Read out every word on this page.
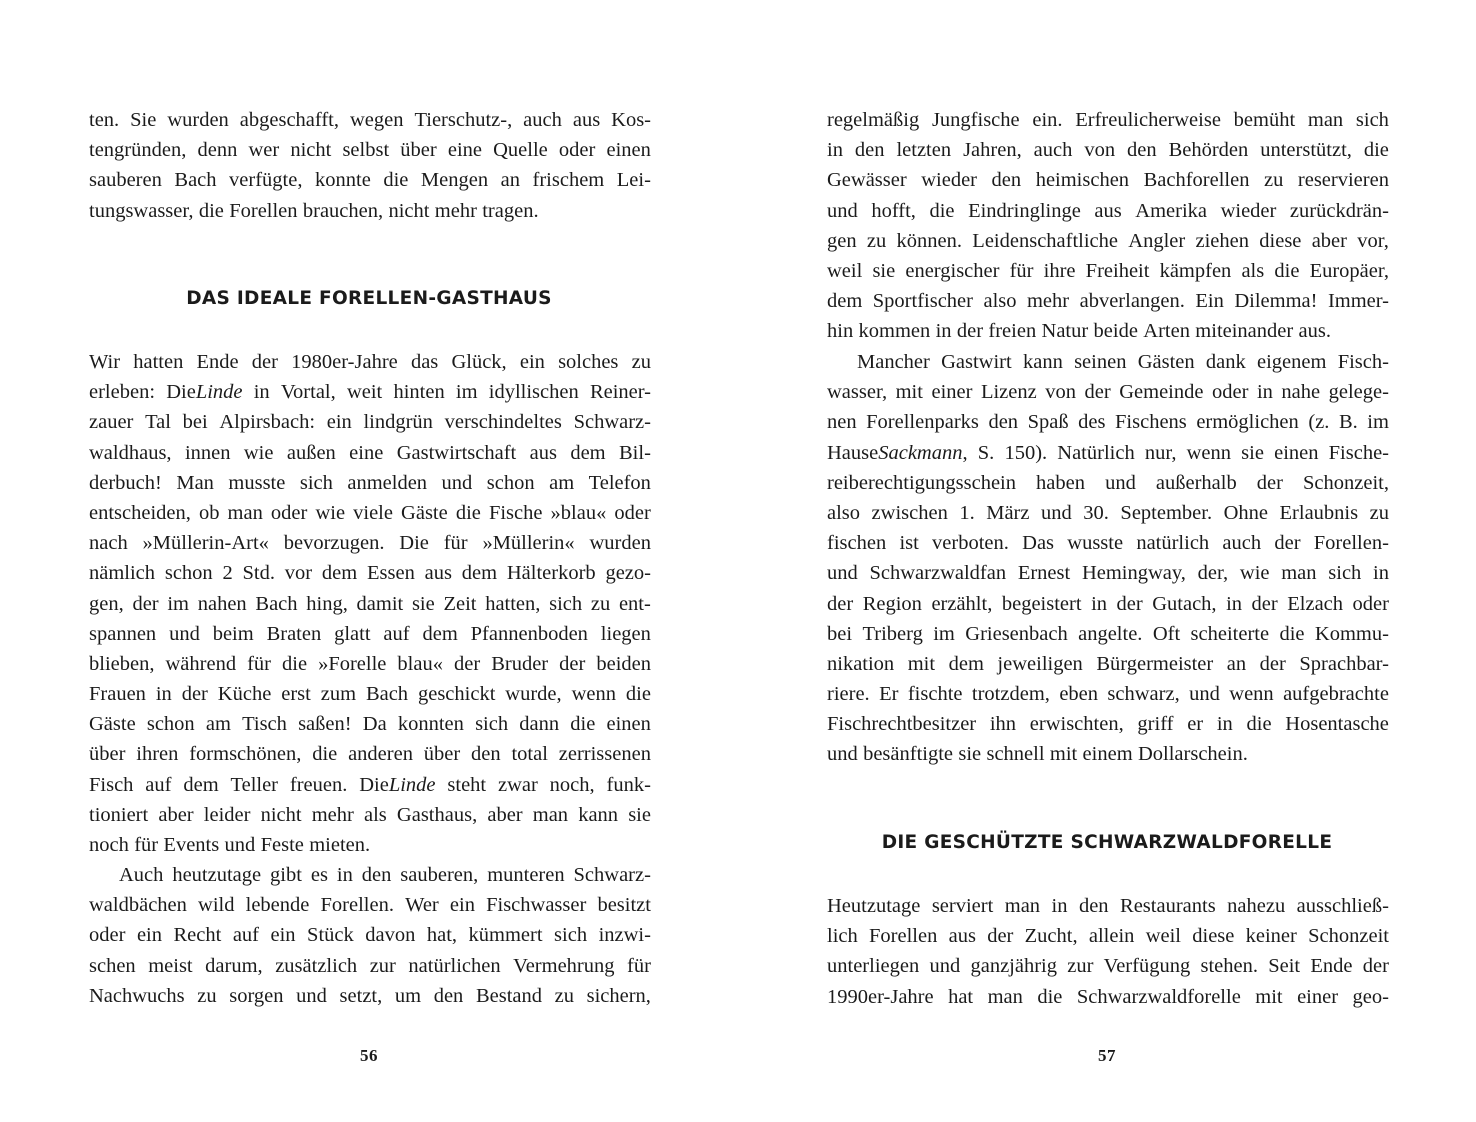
ten. Sie wurden abgeschafft, wegen Tierschutz-, auch aus Kos-
tengründen, denn wer nicht selbst über eine Quelle oder einen
sauberen Bach verfügte, konnte die Mengen an frischem Lei-
tungswasser, die Forellen brauchen, nicht mehr tragen.
DAS IDEALE FORELLEN-GASTHAUS
Wir hatten Ende der 1980er-Jahre das Glück, ein solches zu
erleben: DieLinde in Vortal, weit hinten im idyllischen Reiner-
zauer Tal bei Alpirsbach: ein lindgrün verschindeltes Schwarz-
waldhaus, innen wie außen eine Gastwirtschaft aus dem Bil-
derbuch! Man musste sich anmelden und schon am Telefon
entscheiden, ob man oder wie viele Gäste die Fische »blau« oder
nach »Müllerin-Art« bevorzugen. Die für »Müllerin« wurden
nämlich schon 2 Std. vor dem Essen aus dem Hälterkorb gezo-
gen, der im nahen Bach hing, damit sie Zeit hatten, sich zu ent-
spannen und beim Braten glatt auf dem Pfannenboden liegen
blieben, während für die »Forelle blau« der Bruder der beiden
Frauen in der Küche erst zum Bach geschickt wurde, wenn die
Gäste schon am Tisch saßen! Da konnten sich dann die einen
über ihren formschönen, die anderen über den total zerrissenen
Fisch auf dem Teller freuen. DieLinde steht zwar noch, funk-
tioniert aber leider nicht mehr als Gasthaus, aber man kann sie
noch für Events und Feste mieten.
Auch heutzutage gibt es in den sauberen, munteren Schwarz-
waldbächen wild lebende Forellen. Wer ein Fischwasser besitzt
oder ein Recht auf ein Stück davon hat, kümmert sich inzwi-
schen meist darum, zusätzlich zur natürlichen Vermehrung für
Nachwuchs zu sorgen und setzt, um den Bestand zu sichern,
56
regelmäßig Jungfische ein. Erfreulicherweise bemüht man sich
in den letzten Jahren, auch von den Behörden unterstützt, die
Gewässer wieder den heimischen Bachforellen zu reservieren
und hofft, die Eindringlinge aus Amerika wieder zurückdrän-
gen zu können. Leidenschaftliche Angler ziehen diese aber vor,
weil sie energischer für ihre Freiheit kämpfen als die Europäer,
dem Sportfischer also mehr abverlangen. Ein Dilemma! Immer-
hin kommen in der freien Natur beide Arten miteinander aus.
Mancher Gastwirt kann seinen Gästen dank eigenem Fisch-
wasser, mit einer Lizenz von der Gemeinde oder in nahe gelege-
nen Forellenparks den Spaß des Fischens ermöglichen (z. B. im
HauseSackmann, S. 150). Natürlich nur, wenn sie einen Fische-
reiberechtigungsschein haben und außerhalb der Schonzeit,
also zwischen 1. März und 30. September. Ohne Erlaubnis zu
fischen ist verboten. Das wusste natürlich auch der Forellen-
und Schwarzwaldfan Ernest Hemingway, der, wie man sich in
der Region erzählt, begeistert in der Gutach, in der Elzach oder
bei Triberg im Griesenbach angelte. Oft scheiterte die Kommu-
nikation mit dem jeweiligen Bürgermeister an der Sprachbar-
riere. Er fischte trotzdem, eben schwarz, und wenn aufgebrachte
Fischrechtbesitzer ihn erwischten, griff er in die Hosentasche
und besänftigte sie schnell mit einem Dollarschein.
DIE GESCHÜTZTE SCHWARZWALDFORELLE
Heutzutage serviert man in den Restaurants nahezu ausschließ-
lich Forellen aus der Zucht, allein weil diese keiner Schonzeit
unterliegen und ganzjährig zur Verfügung stehen. Seit Ende der
1990er-Jahre hat man die Schwarzwaldforelle mit einer geo-
57
